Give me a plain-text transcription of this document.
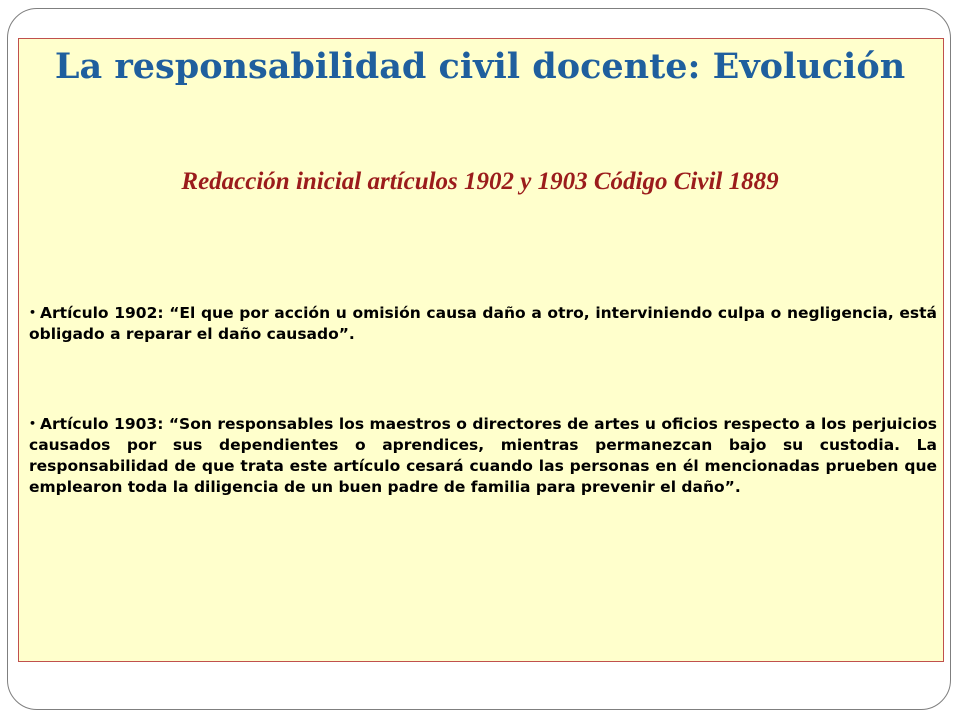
La responsabilidad civil docente: Evolución
Redacción inicial artículos 1902 y 1903 Código Civil 1889

• Artículo 1902: “El que por acción u omisión causa daño a otro, interviniendo culpa o negligencia, está obligado a reparar el daño causado”.

• Artículo 1903: “Son responsables los maestros o directores de artes u oficios respecto a los perjuicios causados por sus dependientes o aprendices, mientras permanezcan bajo su custodia. La responsabilidad de que trata este artículo cesará cuando las personas en él mencionadas prueben que emplearon toda la diligencia de un buen padre de familia para prevenir el daño”.
